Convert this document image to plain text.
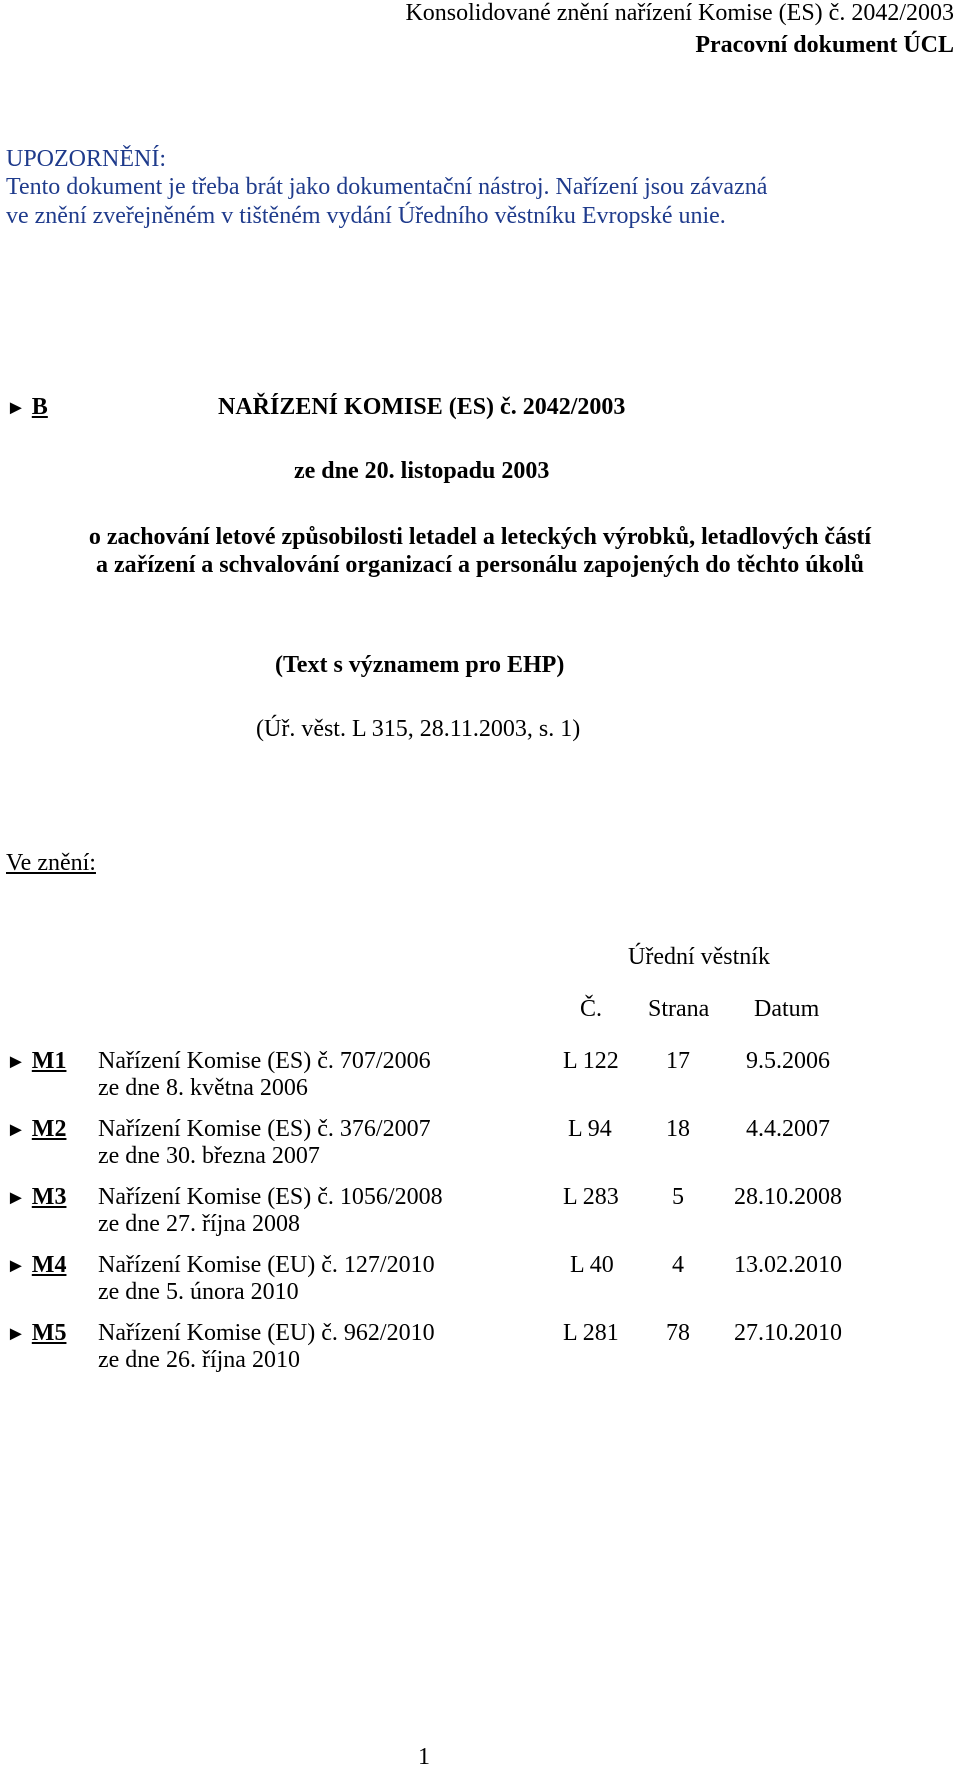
Konsolidované znění nařízení Komise (ES) č. 2042/2003
Pracovní dokument ÚCL
UPOZORNĚNÍ:
Tento dokument je třeba brát jako dokumentační nástroj. Nařízení jsou závazná
ve znění zveřejněném v tištěném vydání Úředního věstníku Evropské unie.
► B	NAŘÍZENÍ KOMISE (ES) č. 2042/2003
ze dne 20. listopadu 2003
o zachování letové způsobilosti letadel a leteckých výrobků, letadlových částí
a zařízení a schvalování organizací a personálu zapojených do těchto úkolů
(Text s významem pro EHP)
(Úř. věst. L 315, 28.11.2003, s. 1)
Ve znění:
Úřední věstník
Č. Strana Datum
► M1 Nařízení Komise (ES) č. 707/2006
ze dne 8. května 2006
L 122 17 9.5.2006
► M2 Nařízení Komise (ES) č. 376/2007
ze dne 30. března 2007
L 94 18 4.4.2007
► M3 Nařízení Komise (ES) č. 1056/2008
ze dne 27. října 2008
L 283 5	28.10.2008
► M4 Nařízení Komise (EU) č. 127/2010
ze dne 5. února 2010
L 40 4	13.02.2010
► M5 Nařízení Komise (EU) č. 962/2010
ze dne 26. října 2010
L 281 78	27.10.2010
1
